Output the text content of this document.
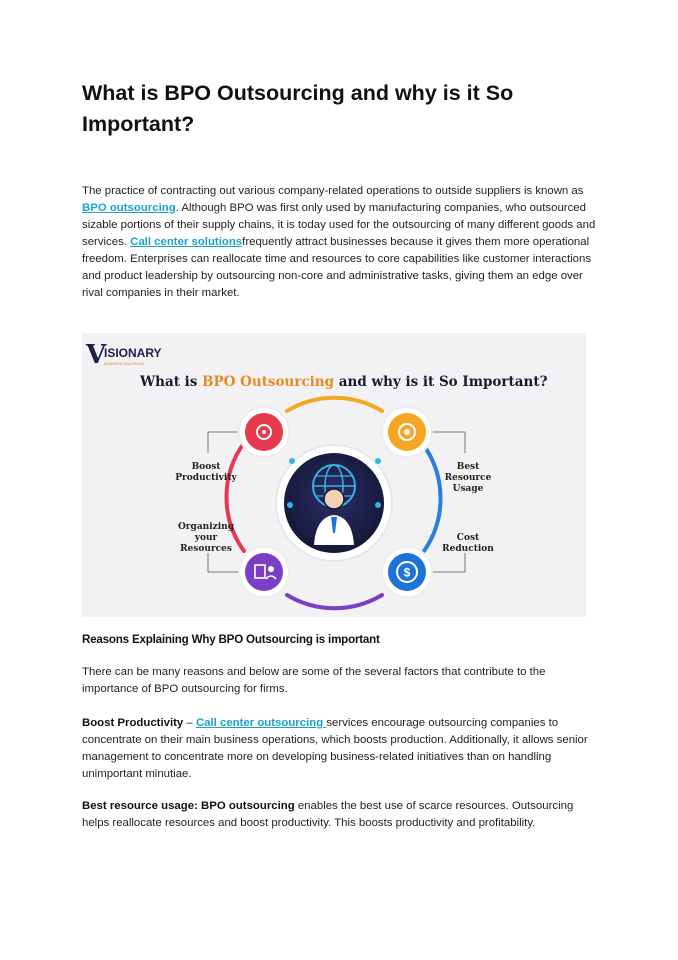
What is BPO Outsourcing and why is it So Important?

The practice of contracting out various company-related operations to outside suppliers is known as BPO outsourcing. Although BPO was first only used by manufacturing companies, who outsourced sizable portions of their supply chains, it is today used for the outsourcing of many different goods and services. Call center solutionsfrequently attract businesses because it gives them more operational freedom. Enterprises can reallocate time and resources to core capabilities like customer interactions and product leadership by outsourcing non-core and administrative tasks, giving them an edge over rival companies in their market.

V
ISIONARY
BUSINESS SOLUTIONS
What is BPO Outsourcing and why is it So Important?
$
Boost
Productivity
Best
Resource
Usage
Organizing
your
Resources
Cost
Reduction

Reasons Explaining Why BPO Outsourcing is important

There can be many reasons and below are some of the several factors that contribute to the importance of BPO outsourcing for firms.

Boost Productivity – Call center outsourcing services encourage outsourcing companies to concentrate on their main business operations, which boosts production. Additionally, it allows senior management to concentrate more on developing business-related initiatives than on handling unimportant minutiae.

Best resource usage: BPO outsourcing enables the best use of scarce resources. Outsourcing helps reallocate resources and boost productivity. This boosts productivity and profitability.
